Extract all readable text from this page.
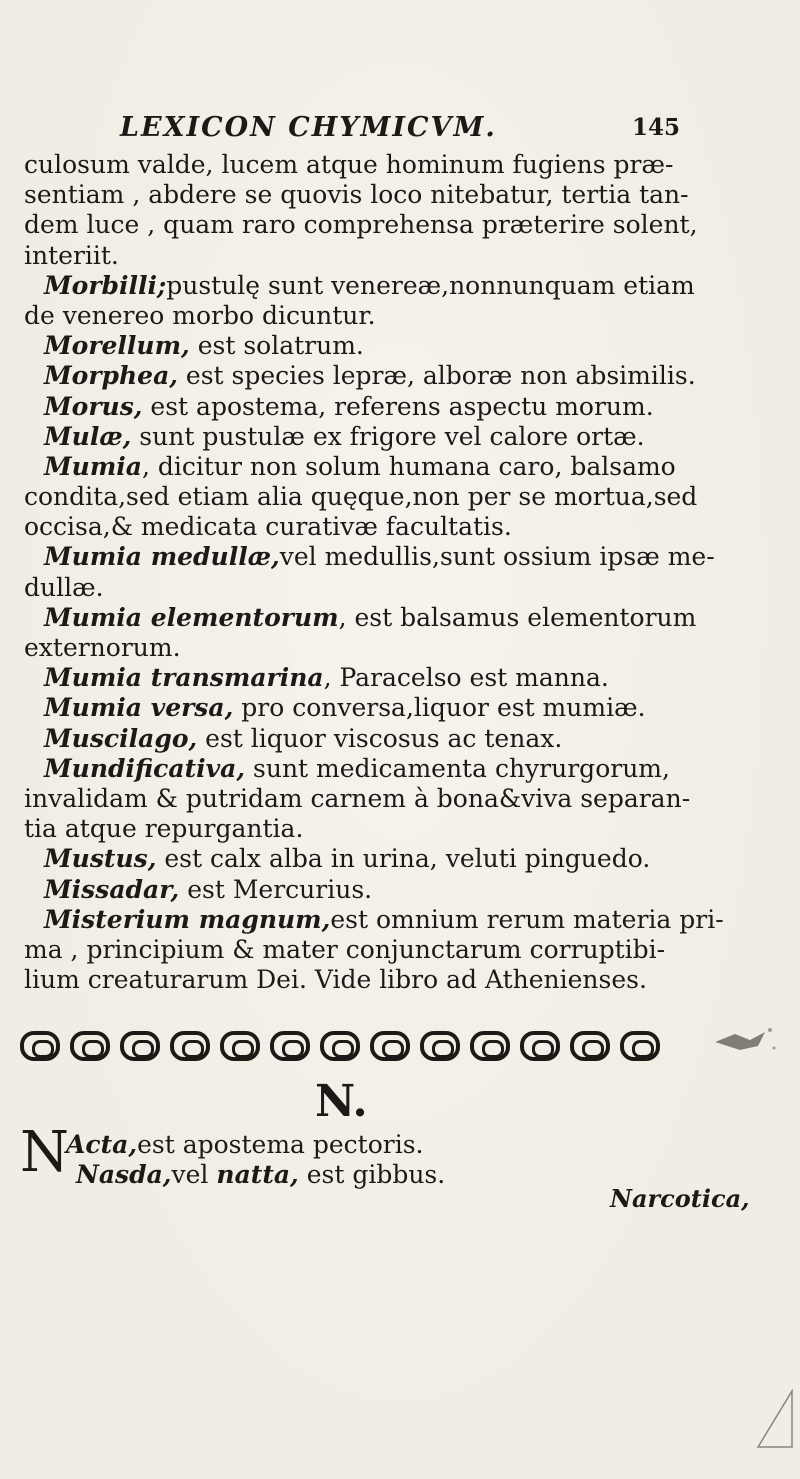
LEXICON CHYMICVM.	145
culosum valde, lucem atque hominum fugiens præ-
sentiam , abdere se quovis loco nitebatur, tertia tan-
dem luce , quam raro comprehensa præterire solent,
interiit.
Morbilli;pustulę sunt venereæ,nonnunquam etiam
de venereo morbo dicuntur.
Morellum, est solatrum.
Morphea, est species lepræ, alboræ non absimilis.
Morus, est apostema, referens aspectu morum.
Mulæ, sunt pustulæ ex frigore vel calore ortæ.
Mumia, dicitur non solum humana caro, balsamo
condita,sed etiam alia quęque,non per se mortua,sed
occisa,& medicata curativæ facultatis.
Mumia medullæ,vel medullis,sunt ossium ipsæ me-
dullæ.
Mumia elementorum, est balsamus elementorum
externorum.
Mumia transmarina, Paracelso est manna.
Mumia versa, pro conversa,liquor est mumiæ.
Muscilago, est liquor viscosus ac tenax.
Mundificativa, sunt medicamenta chyrurgorum,
invalidam & putridam carnem à bona&viva separan-
tia atque repurgantia.
Mustus, est calx alba in urina, veluti pinguedo.
Missadar, est Mercurius.
Misterium magnum,est omnium rerum materia pri-
ma , principium & mater conjunctarum corruptibi-
lium creaturarum Dei. Vide libro ad Athenienses.
N.
N
Acta,est apostema pectoris.
Nasda,vel natta, est gibbus.
Narcotica,
